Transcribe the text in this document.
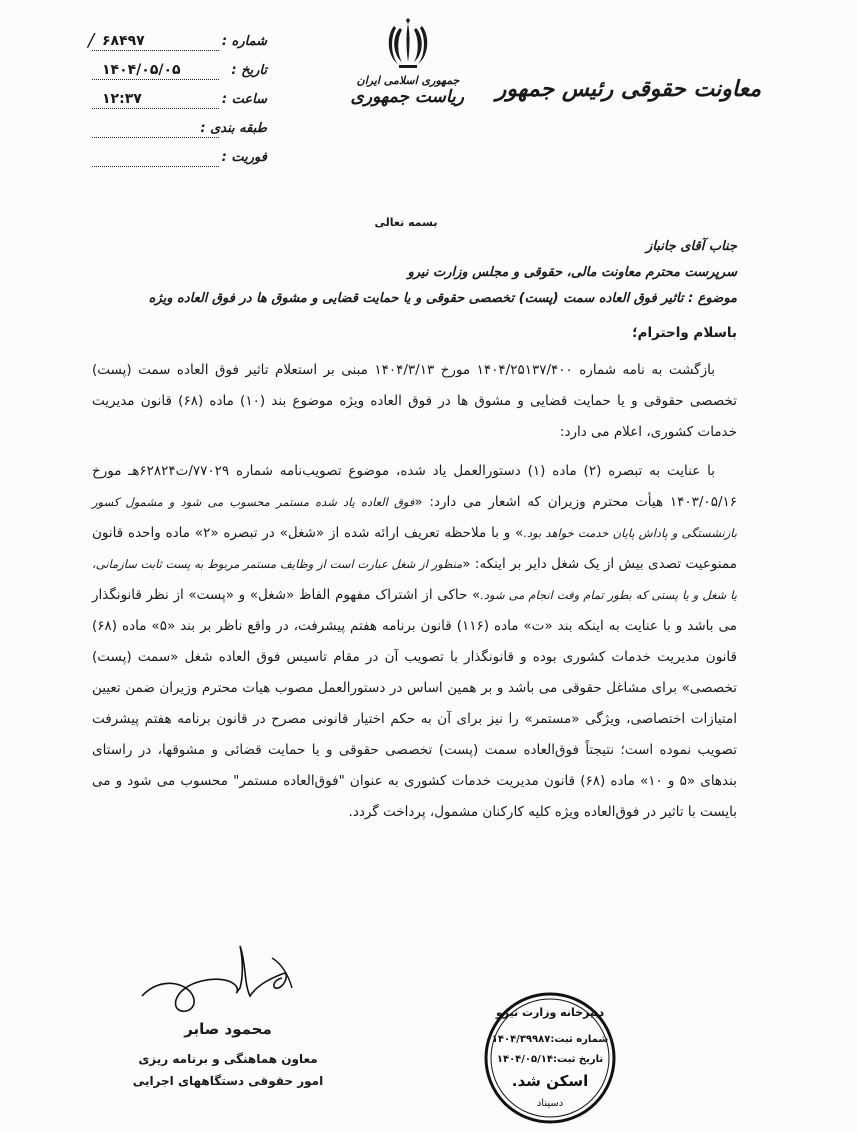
شماره :
/ ۶۸۴۹۷
تاریخ :
۱۴۰۴/۰۵/۰۵
ساعت :
۱۲:۳۷
طبقه بندی :
فوریت :
جمهوری اسلامی ایران
ریاست جمهوری معاونت حقوقی رئیس جمهور
بسمه تعالی
جناب آقای جانباز
سرپرست محترم معاونت مالی، حقوقی و مجلس وزارت نیرو
موضوع : تاثیر فوق العاده سمت (پست) تخصصی حقوقی و یا حمایت قضایی و مشوق ها در فوق العاده ویژه
باسلام واحترام؛

بازگشت به نامه شماره ۱۴۰۴/۲۵۱۳۷/۴۰۰ مورخ ۱۴۰۴/۳/۱۳ مبنی بر استعلام تاثیر فوق العاده سمت (پست) تخصصی حقوقی و یا حمایت قضایی و مشوق ها در فوق العاده ویژه موضوع بند (۱۰) ماده (۶۸) قانون مدیریت خدمات کشوری، اعلام می دارد:

با عنایت به تبصره (۲) ماده (۱) دستورالعمل یاد شده، موضوع تصویب‌نامه شماره ۷۷۰۲۹/ت۶۲۸۲۴هـ مورخ ۱۴۰۳/۰۵/۱۶ هیأت محترم وزیران که اشعار می دارد: «فوق العاده یاد شده مستمر محسوب می شود و مشمول کسور بازنشستگی و پاداش پایان خدمت خواهد بود.» و با ملاحظه تعریف ارائه شده از «شغل» در تبصره «۲» ماده واحده قانون ممنوعیت تصدی بیش از یک شغل دایر بر اینکه: «منظور از شغل عبارت است از وظایف مستمر مربوط به پست ثابت سازمانی، یا شغل و یا پستی که بطور تمام وقت انجام می شود.» حاکی از اشتراک مفهوم الفاظ «شغل» و «پست» از نظر قانونگذار می باشد و با عنایت به اینکه بند «ت» ماده (۱۱۶) قانون برنامه هفتم پیشرفت، در واقع ناظر بر بند «۵» ماده (۶۸) قانون مدیریت خدمات کشوری بوده و قانونگذار با تصویب آن در مقام تاسیس فوق العاده شغل «سمت (پست) تخصصی» برای مشاغل حقوقی می باشد و بر همین اساس در دستورالعمل مصوب هیات محترم وزیران ضمن تعیین امتیازات اختصاصی، ویژگی «مستمر» را نیز برای آن به حکم اختیار قانونی مصرح در قانون برنامه هفتم پیشرفت تصویب نموده است؛ نتیجتاً فوق‌العاده سمت (پست) تخصصی حقوقی و یا حمایت قضائی و مشوقها، در راستای بندهای «۵ و ۱۰» ماده (۶۸) قانون مدیریت خدمات کشوری به عنوان "فوق‌العاده مستمر" محسوب می شود و می بایست با تاثیر در فوق‌العاده ویژه کلیه کارکنان مشمول، پرداخت گردد.

محمود صابر
معاون هماهنگی و برنامه ریزی
امور حقوقی دستگاههای اجرایی
دبیرخانه وزارت نیرو
شماره ثبت:۱۴۰۴/۳۹۹۸۷
تاریخ ثبت:۱۴۰۴/۰۵/۱۴
اسکن شد.
دسیناد
